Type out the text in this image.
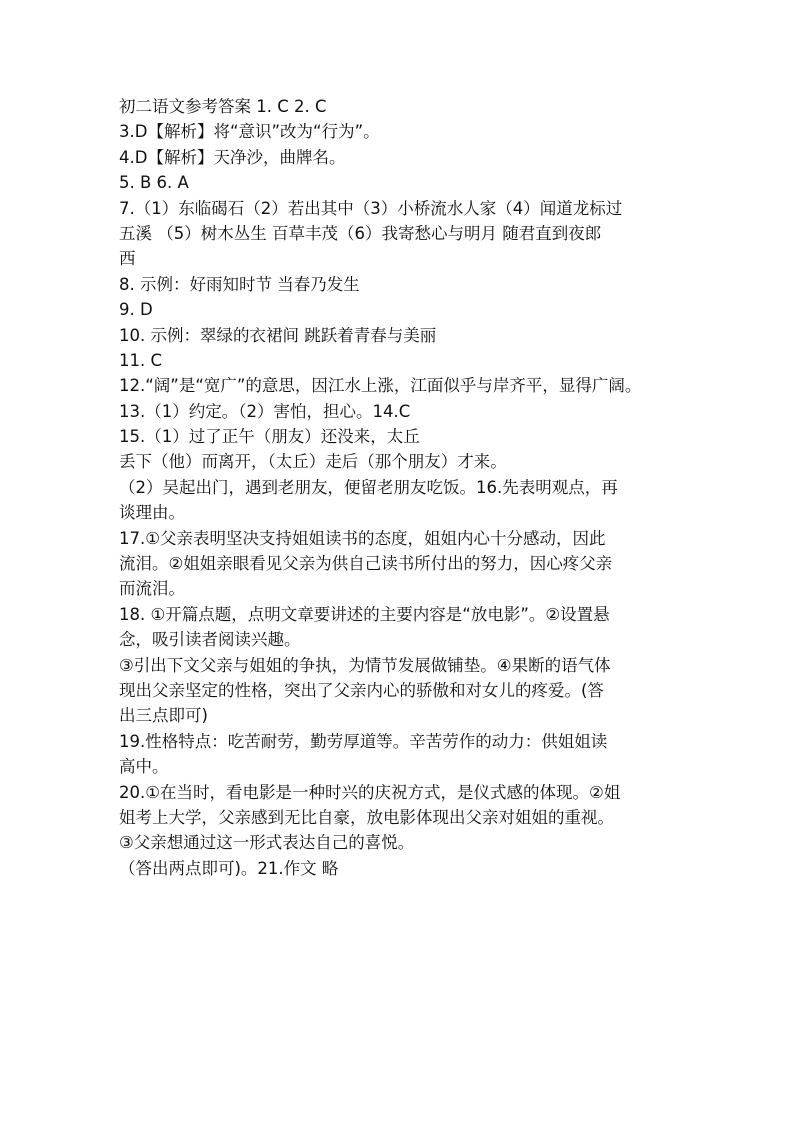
初二语文参考答案 1. C 2. C
3.D【解析】将“意识”改为“行为”。
4.D【解析】天净沙，曲牌名。
5. B 6. A
7.（1）东临碣石（2）若出其中（3）小桥流水人家（4）闻道龙标过
五溪 （5）树木丛生 百草丰茂（6）我寄愁心与明月 随君直到夜郎
西
8. 示例：好雨知时节 当春乃发生
9. D
10. 示例：翠绿的衣裙间 跳跃着青春与美丽
11. C
12.“阔”是“宽广”的意思，因江水上涨，江面似乎与岸齐平，显得广阔。
13.（1）约定。（2）害怕，担心。14.C
15.（1）过了正午（朋友）还没来，太丘
丢下（他）而离开，（太丘）走后（那个朋友）才来。
（2）吴起出门，遇到老朋友，便留老朋友吃饭。16.先表明观点，再
谈理由。
17.①父亲表明坚决支持姐姐读书的态度，姐姐内心十分感动，因此
流泪。②姐姐亲眼看见父亲为供自己读书所付出的努力，因心疼父亲
而流泪。
18. ①开篇点题，点明文章要讲述的主要内容是“放电影”。②设置悬
念，吸引读者阅读兴趣。
③引出下文父亲与姐姐的争执，为情节发展做铺垫。④果断的语气体
现出父亲坚定的性格，突出了父亲内心的骄傲和对女儿的疼爱。(答
出三点即可)
19.性格特点：吃苦耐劳，勤劳厚道等。辛苦劳作的动力：供姐姐读
高中。
20.①在当时，看电影是一种时兴的庆祝方式，是仪式感的体现。②姐
姐考上大学，父亲感到无比自豪，放电影体现出父亲对姐姐的重视。
③父亲想通过这一形式表达自己的喜悦。
（答出两点即可)。21.作文 略
